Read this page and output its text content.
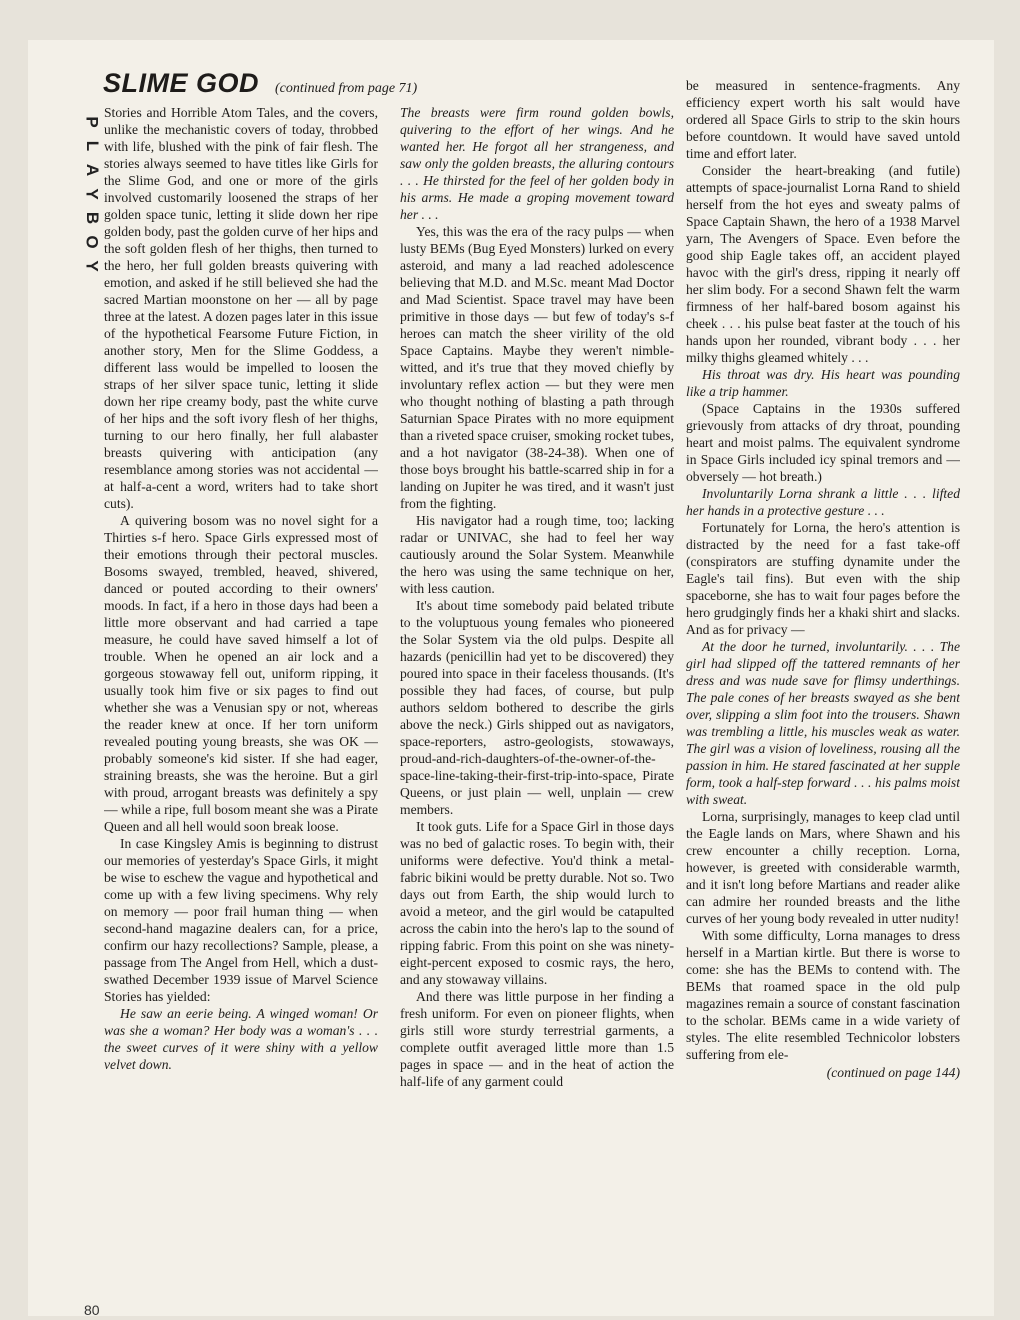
P
L
A
Y
B
O
Y
80
SLIME GOD (continued from page 71)

Stories and Horrible Atom Tales, and the covers, unlike the mechanistic covers of today, throbbed with life, blushed with the pink of fair flesh. The stories always seemed to have titles like Girls for the Slime God, and one or more of the girls involved customarily loosened the straps of her golden space tunic, letting it slide down her ripe golden body, past the golden curve of her hips and the soft golden flesh of her thighs, then turned to the hero, her full golden breasts quivering with emotion, and asked if he still believed she had the sacred Martian moonstone on her — all by page three at the latest. A dozen pages later in this issue of the hypothetical Fearsome Future Fiction, in another story, Men for the Slime Goddess, a different lass would be impelled to loosen the straps of her silver space tunic, letting it slide down her ripe creamy body, past the white curve of her hips and the soft ivory flesh of her thighs, turning to our hero finally, her full alabaster breasts quivering with anticipation (any resemblance among stories was not accidental — at half-a-cent a word, writers had to take short cuts).

A quivering bosom was no novel sight for a Thirties s-f hero. Space Girls expressed most of their emotions through their pectoral muscles. Bosoms swayed, trembled, heaved, shivered, danced or pouted according to their owners' moods. In fact, if a hero in those days had been a little more observant and had carried a tape measure, he could have saved himself a lot of trouble. When he opened an air lock and a gorgeous stowaway fell out, uniform ripping, it usually took him five or six pages to find out whether she was a Venusian spy or not, whereas the reader knew at once. If her torn uniform revealed pouting young breasts, she was OK — probably someone's kid sister. If she had eager, straining breasts, she was the heroine. But a girl with proud, arrogant breasts was definitely a spy — while a ripe, full bosom meant she was a Pirate Queen and all hell would soon break loose.

In case Kingsley Amis is beginning to distrust our memories of yesterday's Space Girls, it might be wise to eschew the vague and hypothetical and come up with a few living specimens. Why rely on memory — poor frail human thing — when second-hand magazine dealers can, for a price, confirm our hazy recollections? Sample, please, a passage from The Angel from Hell, which a dust-swathed December 1939 issue of Marvel Science Stories has yielded:

He saw an eerie being. A winged woman! Or was she a woman? Her body was a woman's . . . the sweet curves of it were shiny with a yellow velvet down.

The breasts were firm round golden bowls, quivering to the effort of her wings. And he wanted her. He forgot all her strangeness, and saw only the golden breasts, the alluring contours . . . He thirsted for the feel of her golden body in his arms. He made a groping movement toward her . . .

Yes, this was the era of the racy pulps — when lusty BEMs (Bug Eyed Monsters) lurked on every asteroid, and many a lad reached adolescence believing that M.D. and M.Sc. meant Mad Doctor and Mad Scientist. Space travel may have been primitive in those days — but few of today's s-f heroes can match the sheer virility of the old Space Captains. Maybe they weren't nimble-witted, and it's true that they moved chiefly by involuntary reflex action — but they were men who thought nothing of blasting a path through Saturnian Space Pirates with no more equipment than a riveted space cruiser, smoking rocket tubes, and a hot navigator (38-24-38). When one of those boys brought his battle-scarred ship in for a landing on Jupiter he was tired, and it wasn't just from the fighting.

His navigator had a rough time, too; lacking radar or UNIVAC, she had to feel her way cautiously around the Solar System. Meanwhile the hero was using the same technique on her, with less caution.

It's about time somebody paid belated tribute to the voluptuous young females who pioneered the Solar System via the old pulps. Despite all hazards (penicillin had yet to be discovered) they poured into space in their faceless thousands. (It's possible they had faces, of course, but pulp authors seldom bothered to describe the girls above the neck.) Girls shipped out as navigators, space-reporters, astro-geologists, stowaways, proud-and-rich-daughters-of-the-owner-of-the-space-line-taking-their-first-trip-into-space, Pirate Queens, or just plain — well, unplain — crew members.

It took guts. Life for a Space Girl in those days was no bed of galactic roses. To begin with, their uniforms were defective. You'd think a metal-fabric bikini would be pretty durable. Not so. Two days out from Earth, the ship would lurch to avoid a meteor, and the girl would be catapulted across the cabin into the hero's lap to the sound of ripping fabric. From this point on she was ninety-eight-percent exposed to cosmic rays, the hero, and any stowaway villains.

And there was little purpose in her finding a fresh uniform. For even on pioneer flights, when girls still wore sturdy terrestrial garments, a complete outfit averaged little more than 1.5 pages in space — and in the heat of action the half-life of any garment could

be measured in sentence-fragments. Any efficiency expert worth his salt would have ordered all Space Girls to strip to the skin hours before countdown. It would have saved untold time and effort later.

Consider the heart-breaking (and futile) attempts of space-journalist Lorna Rand to shield herself from the hot eyes and sweaty palms of Space Captain Shawn, the hero of a 1938 Marvel yarn, The Avengers of Space. Even before the good ship Eagle takes off, an accident played havoc with the girl's dress, ripping it nearly off her slim body. For a second Shawn felt the warm firmness of her half-bared bosom against his cheek . . . his pulse beat faster at the touch of his hands upon her rounded, vibrant body . . . her milky thighs gleamed whitely . . .

His throat was dry. His heart was pounding like a trip hammer.

(Space Captains in the 1930s suffered grievously from attacks of dry throat, pounding heart and moist palms. The equivalent syndrome in Space Girls included icy spinal tremors and — obversely — hot breath.)

Involuntarily Lorna shrank a little . . . lifted her hands in a protective gesture . . .

Fortunately for Lorna, the hero's attention is distracted by the need for a fast take-off (conspirators are stuffing dynamite under the Eagle's tail fins). But even with the ship spaceborne, she has to wait four pages before the hero grudgingly finds her a khaki shirt and slacks. And as for privacy —

At the door he turned, involuntarily. . . . The girl had slipped off the tattered remnants of her dress and was nude save for flimsy underthings. The pale cones of her breasts swayed as she bent over, slipping a slim foot into the trousers. Shawn was trembling a little, his muscles weak as water. The girl was a vision of loveliness, rousing all the passion in him. He stared fascinated at her supple form, took a half-step forward . . . his palms moist with sweat.

Lorna, surprisingly, manages to keep clad until the Eagle lands on Mars, where Shawn and his crew encounter a chilly reception. Lorna, however, is greeted with considerable warmth, and it isn't long before Martians and reader alike can admire her rounded breasts and the lithe curves of her young body revealed in utter nudity!

With some difficulty, Lorna manages to dress herself in a Martian kirtle. But there is worse to come: she has the BEMs to contend with. The BEMs that roamed space in the old pulp magazines remain a source of constant fascination to the scholar. BEMs came in a wide variety of styles. The elite resembled Technicolor lobsters suffering from ele-

(continued on page 144)
